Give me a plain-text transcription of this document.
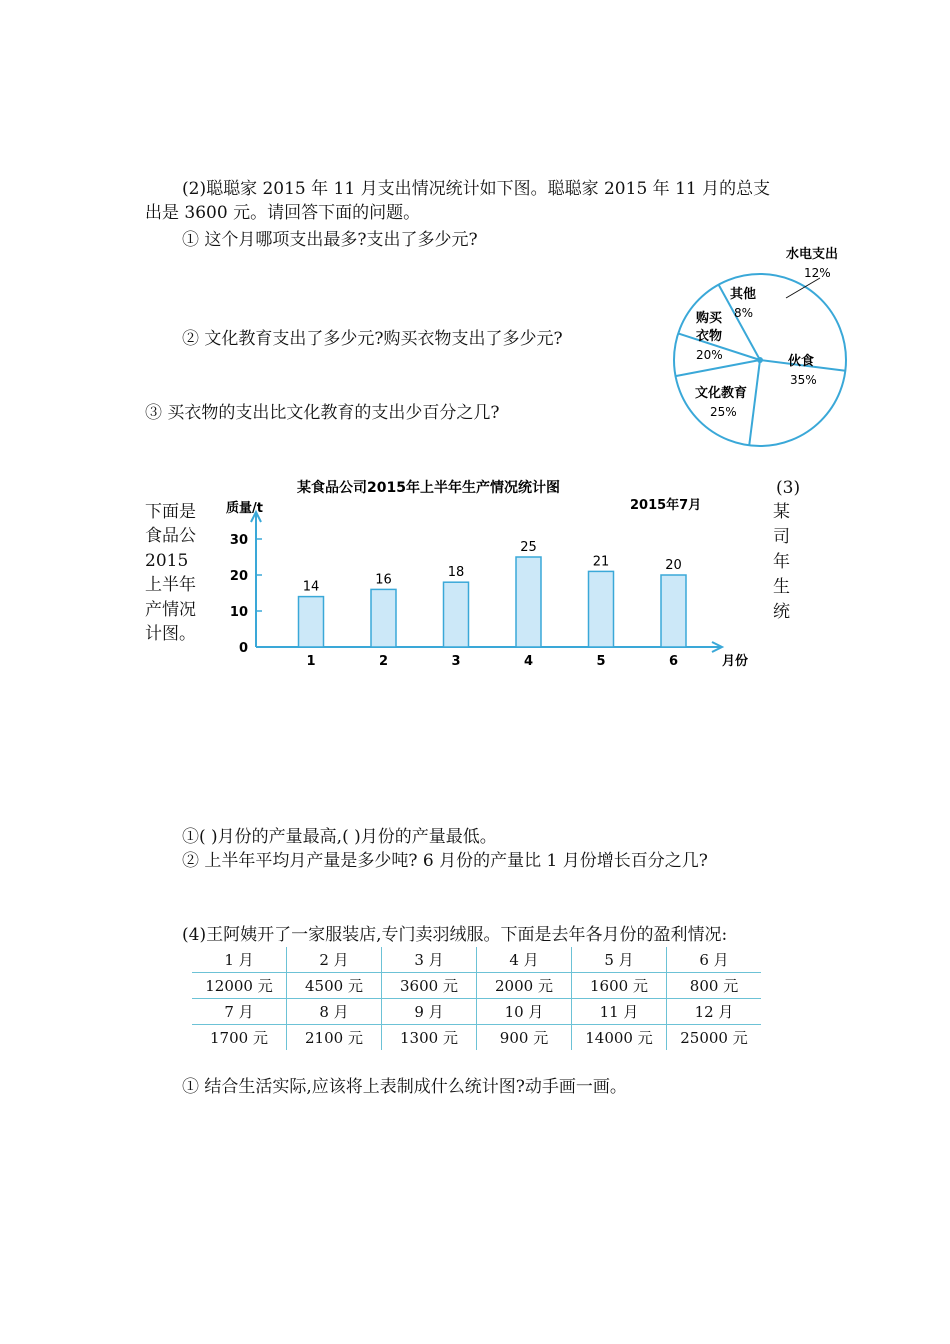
(2)聪聪家 2015 年 11 月支出情况统计如下图。聪聪家 2015 年 11 月的总支

出是 3600 元。请回答下面的问题。

① 这个月哪项支出最多?支出了多少元?

② 文化教育支出了多少元?购买衣物支出了多少元?

③ 买衣物的支出比文化教育的支出少百分之几?

水电支出
12%
其他
8%
购买
衣物
20%	伙食
35%
文化教育
25%

(3)

某
司
年
生
统
下面是
食品公
2015
上半年
产情况
计图。
某食品公司2015年上半年生产情况统计图
2015年7月
质量/t
月份
0
10
20
30
14
1
16
2
18
3
25
4
21
5
20
6

①( )月份的产量最高,( )月份的产量最低。

② 上半年平均月产量是多少吨? 6 月份的产量比 1 月份增长百分之几?

(4)王阿姨开了一家服装店,专门卖羽绒服。下面是去年各月份的盈利情况:

1 月	2 月	3 月	4 月	5 月	6 月
12000 元	4500 元	3600 元	2000 元	1600 元	800 元
7 月	8 月	9 月	10 月	11 月	12 月
1700 元	2100 元	1300 元	900 元	14000 元	25000 元

① 结合生活实际,应该将上表制成什么统计图?动手画一画。
